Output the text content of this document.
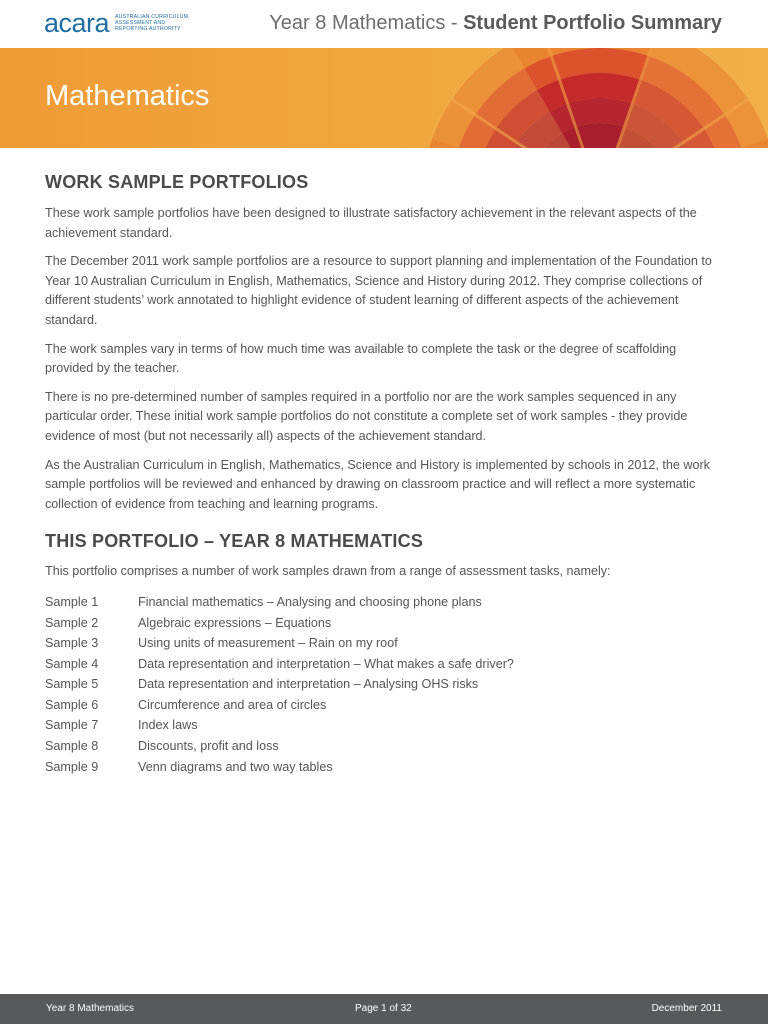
acara AUSTRALIAN CURRICULUM,
ASSESSMENT AND
REPORTING AUTHORITY	Year 8 Mathematics - Student Portfolio Summary
Mathematics
WORK SAMPLE PORTFOLIOS

These work sample portfolios have been designed to illustrate satisfactory achievement in the relevant aspects of the achievement standard.

The December 2011 work sample portfolios are a resource to support planning and implementation of the Foundation to Year 10 Australian Curriculum in English, Mathematics, Science and History during 2012. They comprise collections of different students’ work annotated to highlight evidence of student learning of different aspects of the achievement standard.

The work samples vary in terms of how much time was available to complete the task or the degree of scaffolding provided by the teacher.

There is no pre-determined number of samples required in a portfolio nor are the work samples sequenced in any particular order. These initial work sample portfolios do not constitute a complete set of work samples - they provide evidence of most (but not necessarily all) aspects of the achievement standard.

As the Australian Curriculum in English, Mathematics, Science and History is implemented by schools in 2012, the work sample portfolios will be reviewed and enhanced by drawing on classroom practice and will reflect a more systematic collection of evidence from teaching and learning programs.

THIS PORTFOLIO – YEAR 8 MATHEMATICS

This portfolio comprises a number of work samples drawn from a range of assessment tasks, namely:

Sample 1	Financial mathematics – Analysing and choosing phone plans
Sample 2	Algebraic expressions – Equations
Sample 3	Using units of measurement – Rain on my roof
Sample 4	Data representation and interpretation – What makes a safe driver?
Sample 5	Data representation and interpretation – Analysing OHS risks
Sample 6	Circumference and area of circles
Sample 7	Index laws
Sample 8	Discounts, profit and loss
Sample 9	Venn diagrams and two way tables
Year 8 Mathematics	Page 1 of 32	December 2011
